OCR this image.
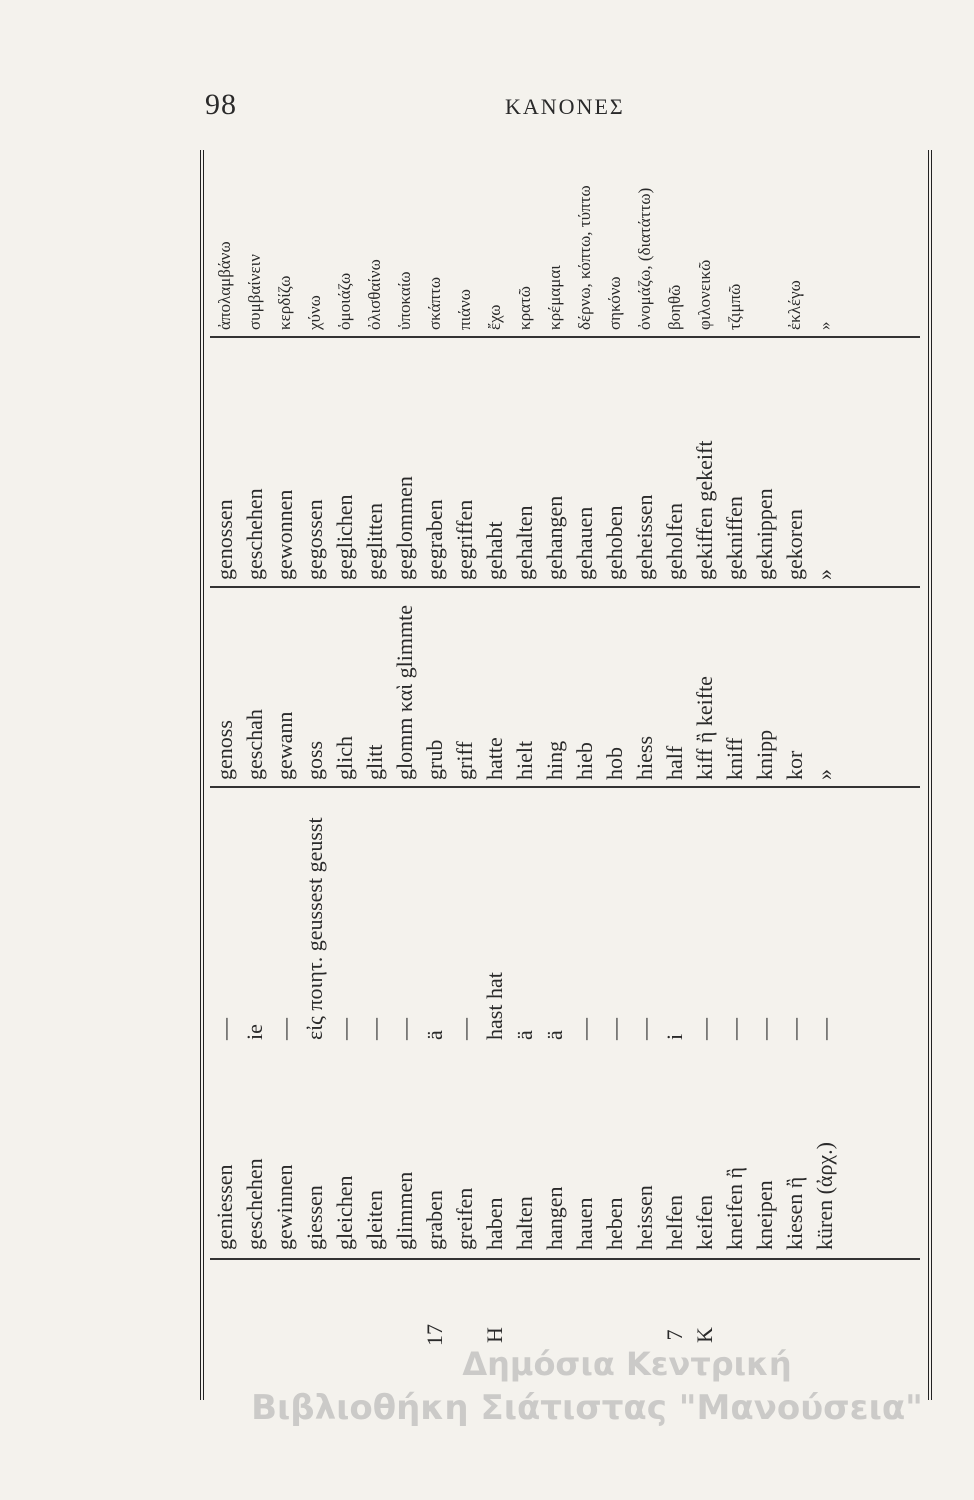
98	ΚΑΝΟΝΕΣ
geniessen
—
genoss
genossen
ἀπολαμβάνω
geschehen
ie
geschah
geschehen
συμβαίνειν
gewinnen
—
gewann
gewonnen
κερδίζω
giessen
εἰς ποιητ. geussest geusst
goss
gegossen
χύνω
gleichen
—
glich
geglichen
ὁμοιάζω
gleiten
—
glitt
geglitten
ὀλισθαίνω
glimmen
—
glomm καὶ glimmte
geglommen
ὑποκαίω
17
graben
ä
grub
gegraben
σκάπτω
greifen
—
griff
gegriffen
πιάνω
H
haben
hast hat
hatte
gehabt
ἔχω
halten
ä
hielt
gehalten
κρατῶ
hangen
ä
hing
gehangen
κρέμαμαι
hauen
—
hieb
gehauen
δέρνω, κόπτω, τύπτω
heben
—
hob
gehoben
σηκόνω
heissen
—
hiess
geheissen
ὀνομάζω, (διατάττω)
7
helfen
i
half
geholfen
βοηθῶ
K
keifen
—
kiff ἢ keifte
gekiffen gekeift
φιλονεικῶ
kneifen ἢ
—
kniff
gekniffen
τζιμπῶ
kneipen
—
knipp
geknippen
kiesen ἢ
—
kor
gekoren
ἐκλέγω
küren (ἀρχ.)
—
»
»
»
Δημόσια Κεντρική
Βιβλιοθήκη Σιάτιστας "Μανούσεια"
